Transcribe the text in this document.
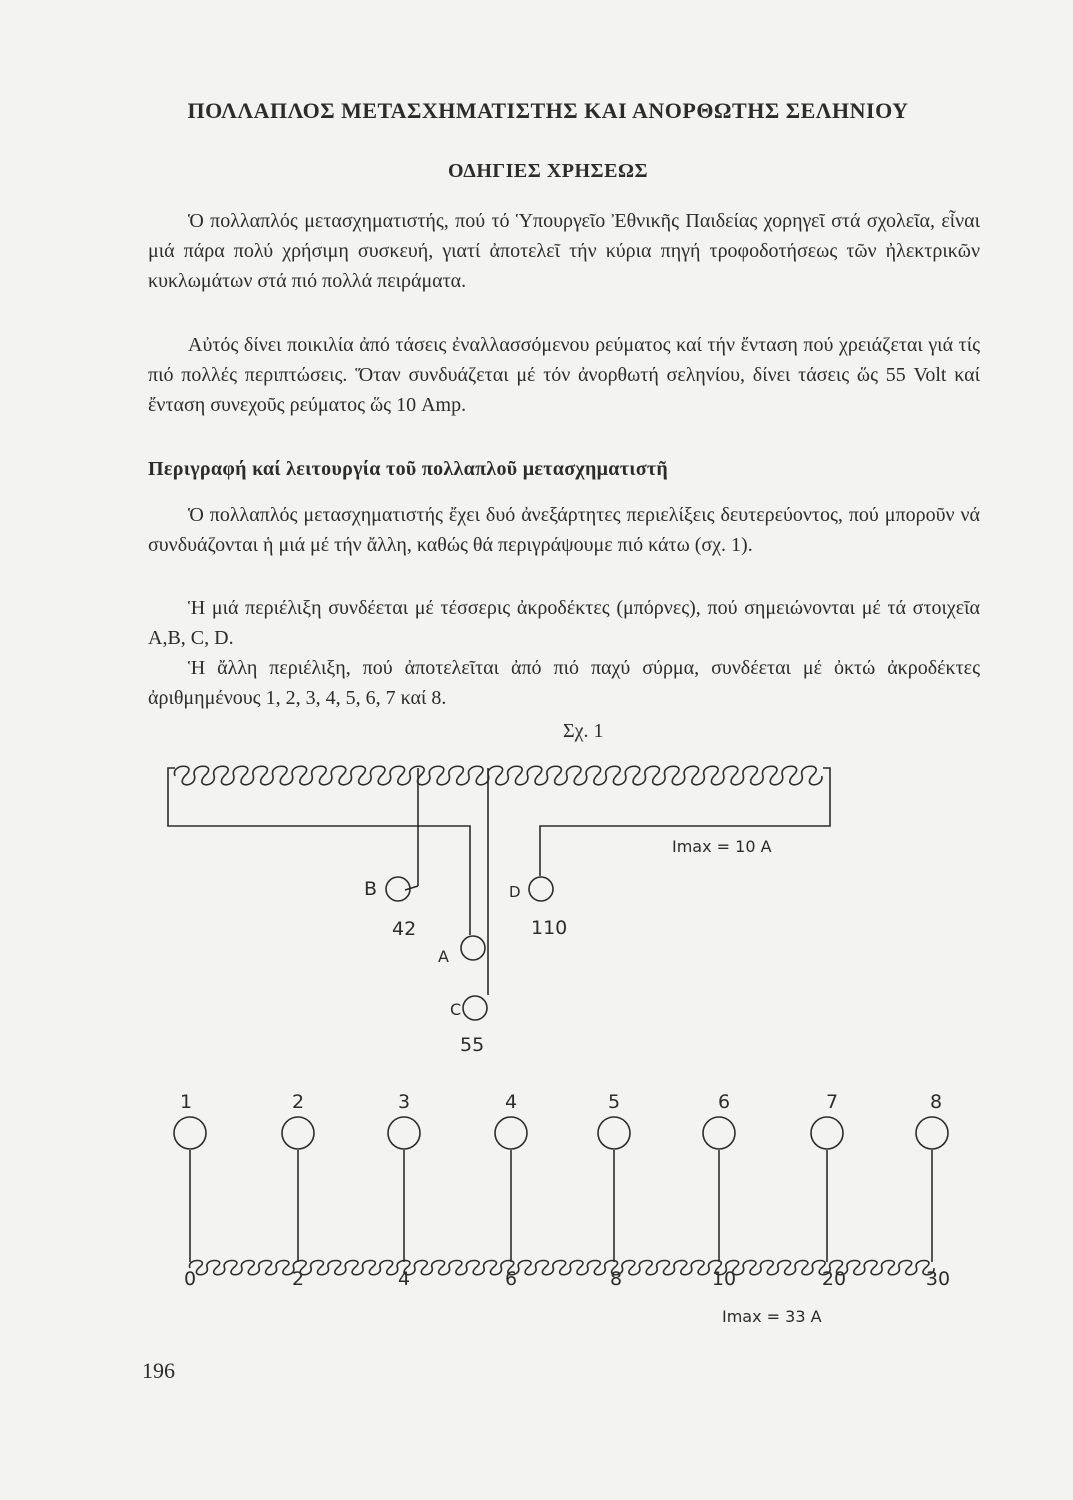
ΠΟΛΛΑΠΛΟΣ ΜΕΤΑΣΧΗΜΑΤΙΣΤΗΣ ΚΑΙ ΑΝΟΡΘΩΤΗΣ ΣΕΛΗΝΙΟΥ
ΟΔΗΓΙΕΣ ΧΡΗΣΕΩΣ

Ὁ πολλαπλός μετασχηματιστής, πού τό Ὑπουργεῖο Ἐθνικῆς Παιδείας χορηγεῖ στά σχολεῖα, εἶναι μιά πάρα πολύ χρήσιμη συσκευή, γιατί ἀποτελεῖ τήν κύρια πηγή τροφοδοτήσεως τῶν ἠλεκτρικῶν κυκλωμάτων στά πιό πολλά πειράματα.

Αὐτός δίνει ποικιλία ἀπό τάσεις ἐναλλασσόμενου ρεύματος καί τήν ἔνταση πού χρειάζεται γιά τίς πιό πολλές περιπτώσεις. Ὅταν συνδυάζεται μέ τόν ἀνορθωτή σεληνίου, δίνει τάσεις ὥς 55 Volt καί ἔνταση συνεχοῦς ρεύματος ὥς 10 Amp.

Περιγραφή καί λειτουργία τοῦ πολλαπλοῦ μετασχηματιστῆ

Ὁ πολλαπλός μετασχηματιστής ἔχει δυό ἀνεξάρτητες περιελίξεις δευτερεύοντος, πού μποροῦν νά συνδυάζονται ἡ μιά μέ τήν ἄλλη, καθώς θά περιγράψουμε πιό κάτω (σχ. 1).

Ἡ μιά περιέλιξη συνδέεται μέ τέσσερις ἀκροδέκτες (μπόρνες), πού σημειώνονται μέ τά στοιχεῖα A,B, C, D.

Ἡ ἄλλη περιέλιξη, πού ἀποτελεῖται ἀπό πιό παχύ σύρμα, συνδέεται μέ ὀκτώ ἀκροδέκτες ἀριθμημένους 1, 2, 3, 4, 5, 6, 7 καί 8.

Σχ. 1
Imax = 10 A
B
42
D
110
A
C
55
1	2	3	4	5	6	7	8
0	2	4	6	8	10	20	30
Imax = 33 A
196
